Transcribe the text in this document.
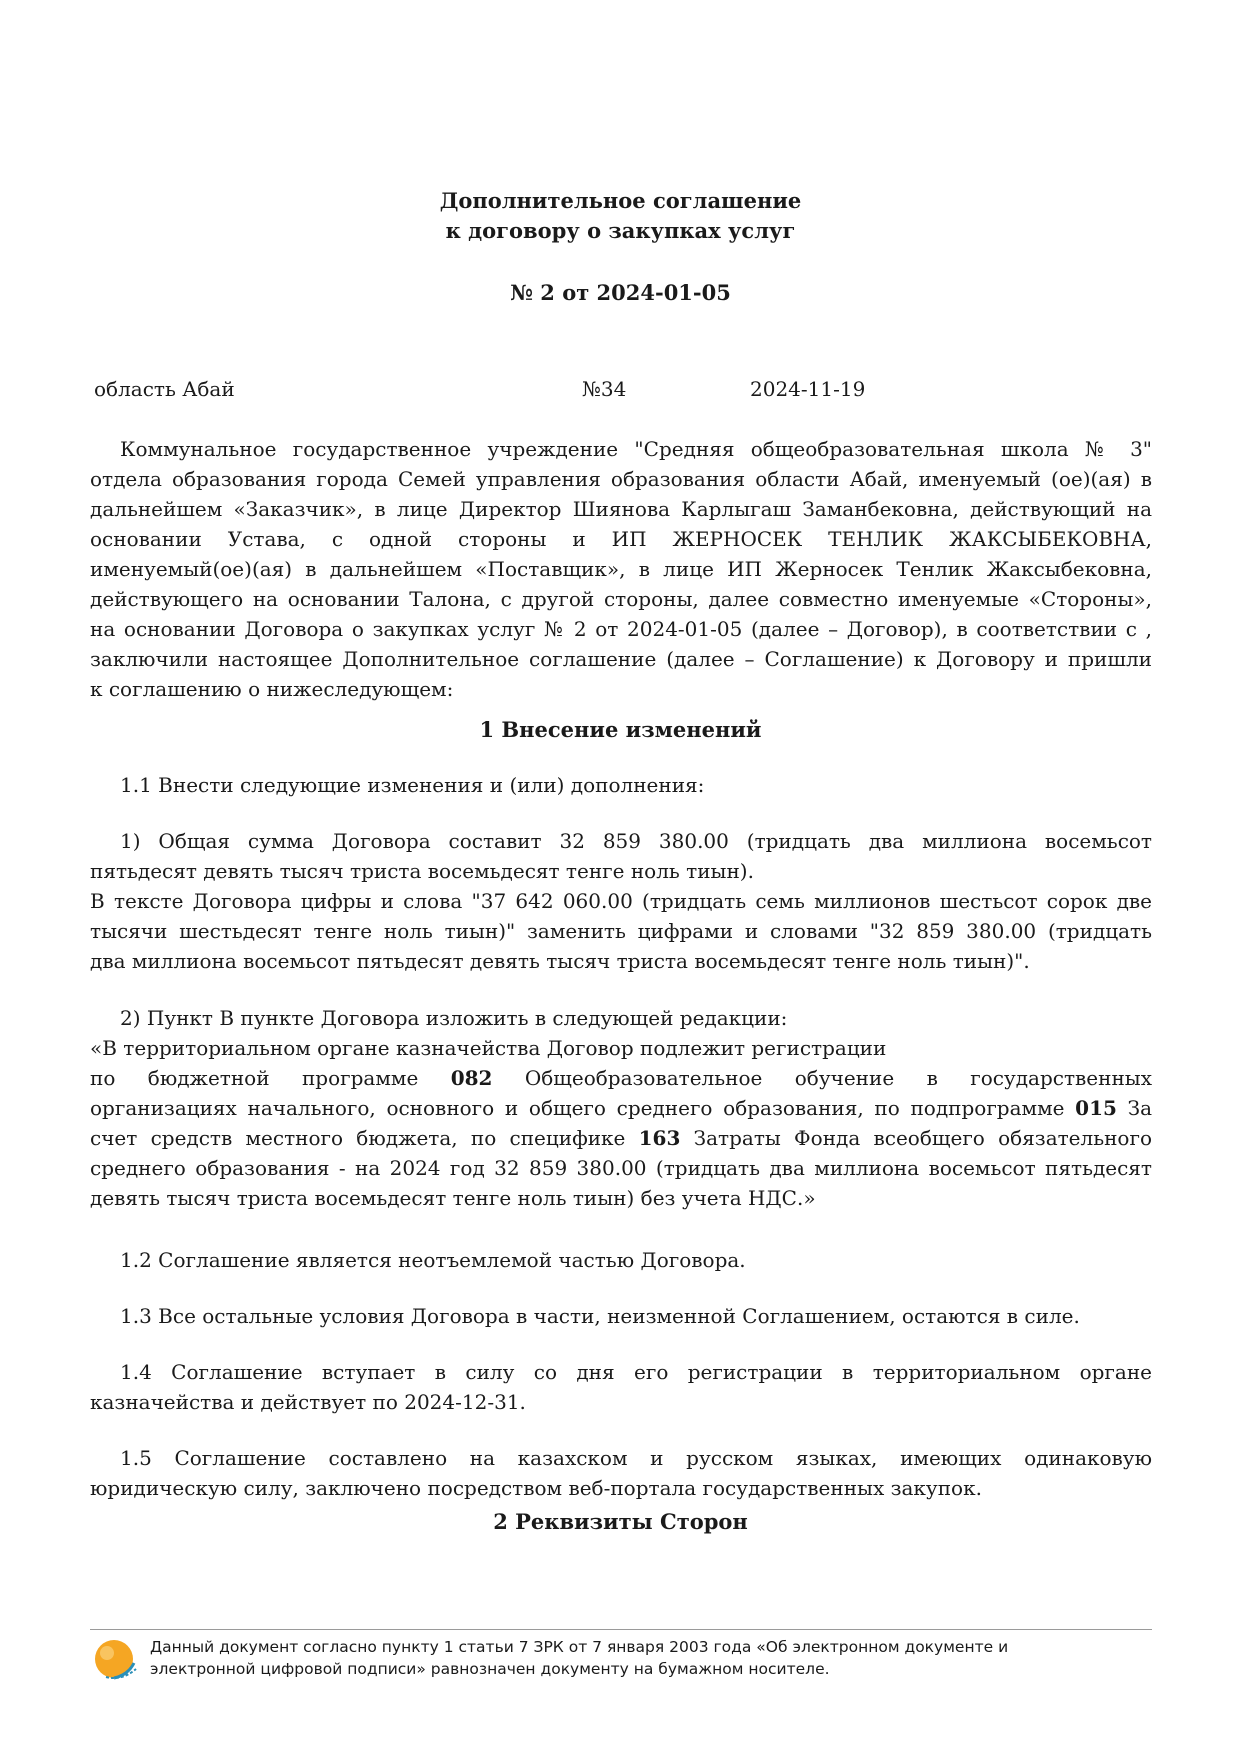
Дополнительное соглашение
к договору о закупках услуг
№ 2 от 2024-01-05
область Абай	№34	2024-11-19
Коммунальное государственное учреждение "Средняя общеобразовательная школа № 3"
отдела образования города Семей управления образования области Абай, именуемый (ое)(ая) в
дальнейшем «Заказчик», в лице Директор Шиянова Карлыгаш Заманбековна, действующий на
основании Устава, с одной стороны и ИП ЖЕРНОСЕК ТЕНЛИК ЖАКСЫБЕКОВНА,
именуемый(ое)(ая) в дальнейшем «Поставщик», в лице ИП Жерносек Тенлик Жаксыбековна,
действующего на основании Талона, с другой стороны, далее совместно именуемые «Стороны»,
на основании Договора о закупках услуг № 2 от 2024-01-05 (далее – Договор), в соответствии с ,
заключили настоящее Дополнительное соглашение (далее – Соглашение) к Договору и пришли
к соглашению о нижеследующем:
1 Внесение изменений
1.1 Внести следующие изменения и (или) дополнения:
1) Общая сумма Договора составит 32 859 380.00 (тридцать два миллиона восемьсот
пятьдесят девять тысяч триста восемьдесят тенге ноль тиын).
В тексте Договора цифры и слова "37 642 060.00 (тридцать семь миллионов шестьсот сорок две
тысячи шестьдесят тенге ноль тиын)" заменить цифрами и словами "32 859 380.00 (тридцать
два миллиона восемьсот пятьдесят девять тысяч триста восемьдесят тенге ноль тиын)".
2) Пункт В пункте Договора изложить в следующей редакции:
«В территориальном органе казначейства Договор подлежит регистрации
по бюджетной программе 082 Общеобразовательное обучение в государственных
организациях начального, основного и общего среднего образования, по подпрограмме 015 За
счет средств местного бюджета, по специфике 163 Затраты Фонда всеобщего обязательного
среднего образования - на 2024 год 32 859 380.00 (тридцать два миллиона восемьсот пятьдесят
девять тысяч триста восемьдесят тенге ноль тиын) без учета НДС.»
1.2 Соглашение является неотъемлемой частью Договора.
1.3 Все остальные условия Договора в части, неизменной Соглашением, остаются в силе.
1.4 Соглашение вступает в силу со дня его регистрации в территориальном органе
казначейства и действует по 2024-12-31.
1.5 Соглашение составлено на казахском и русском языках, имеющих одинаковую
юридическую силу, заключено посредством веб-портала государственных закупок.
2 Реквизиты Сторон
Данный документ согласно пункту 1 статьи 7 ЗРК от 7 января 2003 года «Об электронном документе и
электронной цифровой подписи» равнозначен документу на бумажном носителе.
